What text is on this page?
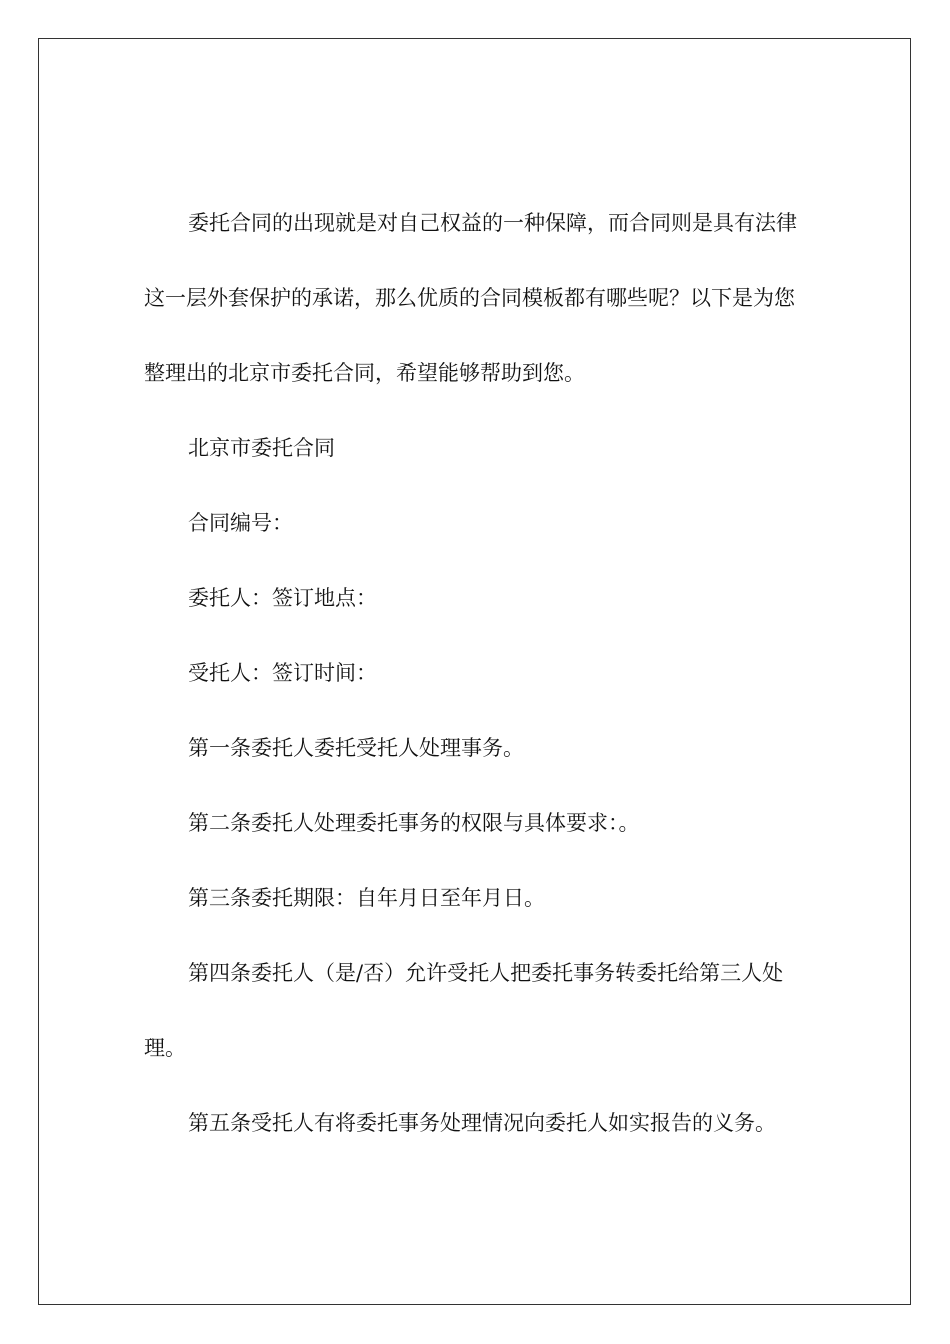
委托合同的出现就是对自己权益的一种保障，而合同则是具有法律这一层外套保护的承诺，那么优质的合同模板都有哪些呢？以下是为您整理出的北京市委托合同，希望能够帮助到您。

北京市委托合同

合同编号：

委托人：签订地点：

受托人：签订时间：

第一条委托人委托受托人处理事务。

第二条委托人处理委托事务的权限与具体要求：。

第三条委托期限：自年月日至年月日。

第四条委托人（是/否）允许受托人把委托事务转委托给第三人处理。

第五条受托人有将委托事务处理情况向委托人如实报告的义务。
